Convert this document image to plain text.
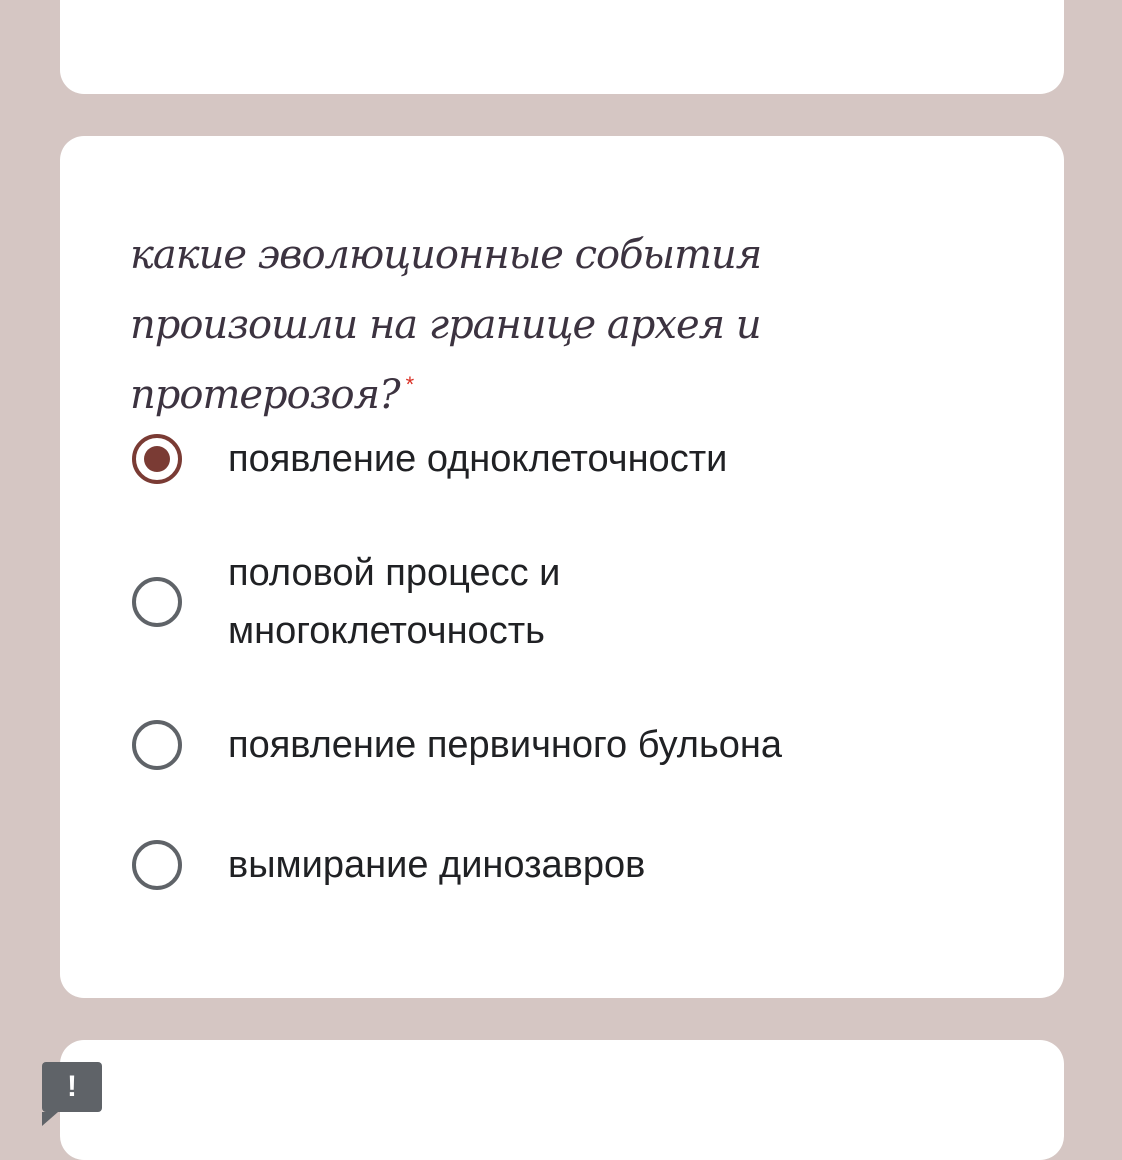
какие эволюционные события произошли на границе архея и протерозоя? *
появление одноклеточности
половой процесс и многоклеточность
появление первичного бульона
вымирание динозавров
!
